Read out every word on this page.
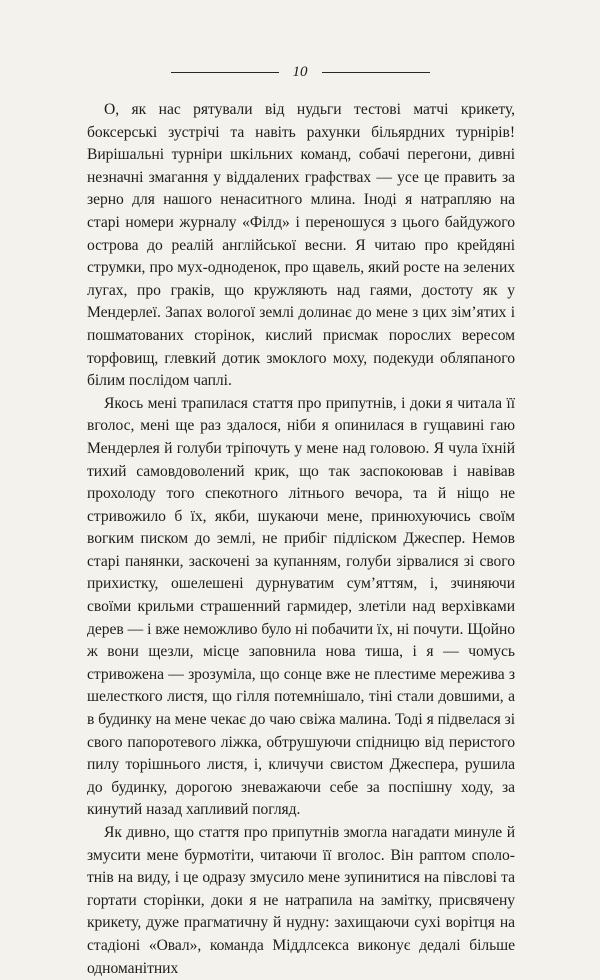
10

О, як нас рятували від нудьги тестові матчі крикету, боксерські зустрічі та навіть рахунки більярдних турнірів! Вирішальні турніри шкільних команд, собачі перегони, дивні незначні змагання у віддалених графствах — усе це править за зерно для нашого ненаситного млина. Іноді я натрапляю на старі номери журналу «Філд» і переношуся з цього байдужого острова до реалій англійської весни. Я читаю про крейдяні струмки, про мух-одноденок, про щавель, який росте на зелених лугах, про граків, що кружляють над гаями, достоту як у Мендерлеї. Запах вологої землі долинає до мене з цих зім’ятих і пошматованих сторінок, кислий присмак порослих вересом торфовищ, глевкий дотик змоклого моху, подекуди обляпаного білим послідом чаплі.

Якось мені трапилася стаття про припутнів, і доки я читала її вголос, мені ще раз здалося, ніби я опинилася в гущавині гаю Мендерлея й голуби тріпочуть у мене над головою. Я чула їхній тихий самовдоволений крик, що так заспокоював і навівав прохолоду того спекотного літнього вечора, та й ніщо не стривожило б їх, якби, шукаючи мене, принюхуючись своїм вогким писком до землі, не прибіг підліском Джеспер. Немов старі панянки, заскочені за купанням, голуби зірвалися зі свого прихистку, ошелешені дурнуватим сум’яттям, і, зчиняючи своїми крильми страшенний гармидер, злетіли над верхівками дерев — і вже неможливо було ні побачити їх, ні почути. Щойно ж вони щезли, місце заповнила нова тиша, і я — чомусь стривожена — зрозуміла, що сонце вже не плестиме мережива з шелесткого листя, що гілля потемнішало, тіні стали довшими, а в будинку на мене чекає до чаю свіжа малина. Тоді я підвелася зі свого папоротевого ліжка, обтрушуючи спідницю від перистого пилу торішнього листя, і, кличучи свистом Джеспера, рушила до будинку, дорогою зневажаючи себе за поспішну ходу, за кинутий назад хапливий погляд.

Як дивно, що стаття про припутнів змогла нагадати минуле й змусити мене бурмотіти, читаючи її вголос. Він раптом сполотнів на виду, і це одразу змусило мене зупинитися на півслові та гортати сторінки, доки я не натрапила на замітку, присвячену крикету, дуже прагматичну й нудну: захищаючи сухі ворітця на стадіоні «Овал», команда Міддлсекса виконує дедалі більше одноманітних
